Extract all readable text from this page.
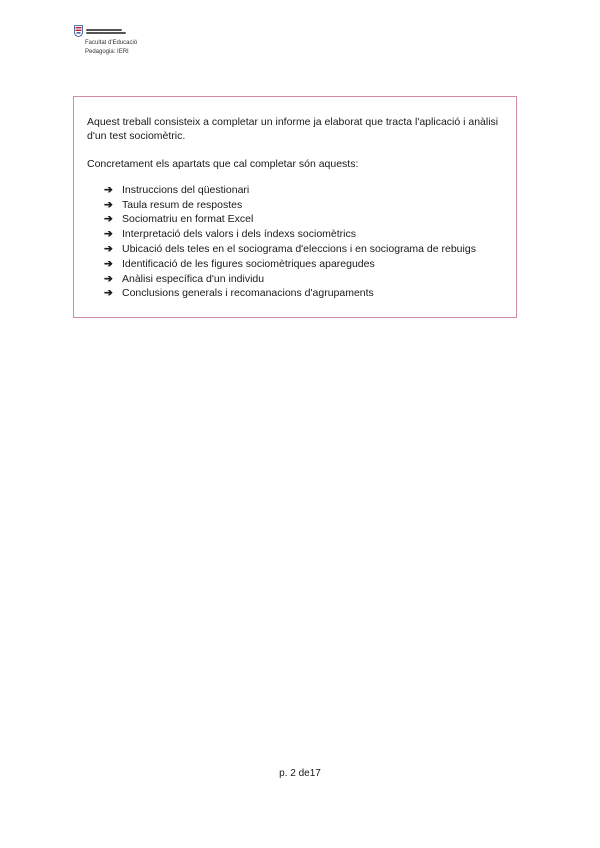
Facultat d'Educació
Pedagogia: IERI

Aquest treball consisteix a completar un informe ja elaborat que tracta l'aplicació i anàlisi d'un test sociomètric.

Concretament els apartats que cal completar són aquests:

➔ Instruccions del qüestionari
➔ Taula resum de respostes
➔ Sociomatriu en format Excel
➔ Interpretació dels valors i dels índexs sociomètrics
➔ Ubicació dels teles en el sociograma d'eleccions i en sociograma de rebuigs
➔ Identificació de les figures sociomètriques aparegudes
➔ Anàlisi específica d'un individu
➔ Conclusions generals i recomanacions d'agrupaments
p. 2 de17
